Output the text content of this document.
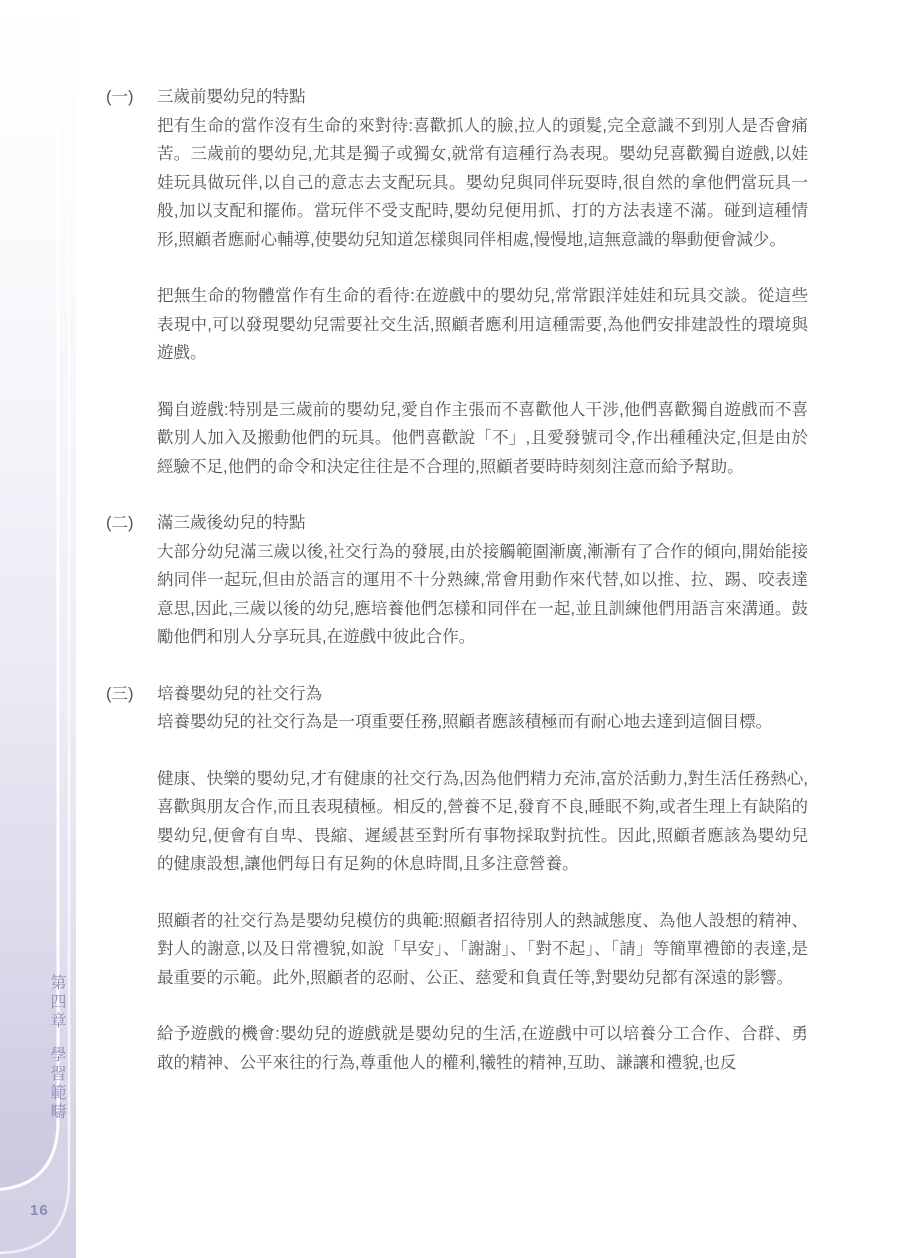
第四章
學習範疇
16
(一)	三歲前嬰幼兒的特點

把有生命的當作沒有生命的來對待:喜歡抓人的臉,拉人的頭髮,完全意識不到別人是否會痛苦。三歲前的嬰幼兒,尤其是獨子或獨女,就常有這種行為表現。嬰幼兒喜歡獨自遊戲,以娃娃玩具做玩伴,以自己的意志去支配玩具。嬰幼兒與同伴玩耍時,很自然的拿他們當玩具一般,加以支配和擺佈。當玩伴不受支配時,嬰幼兒便用抓、打的方法表達不滿。碰到這種情形,照顧者應耐心輔導,使嬰幼兒知道怎樣與同伴相處,慢慢地,這無意識的舉動便會減少。

把無生命的物體當作有生命的看待:在遊戲中的嬰幼兒,常常跟洋娃娃和玩具交談。從這些表現中,可以發現嬰幼兒需要社交生活,照顧者應利用這種需要,為他們安排建設性的環境與遊戲。

獨自遊戲:特別是三歲前的嬰幼兒,愛自作主張而不喜歡他人干涉,他們喜歡獨自遊戲而不喜歡別人加入及搬動他們的玩具。他們喜歡說「不」,且愛發號司令,作出種種決定,但是由於經驗不足,他們的命令和決定往往是不合理的,照顧者要時時刻刻注意而給予幫助。

(二)	滿三歲後幼兒的特點

大部分幼兒滿三歲以後,社交行為的發展,由於接觸範圍漸廣,漸漸有了合作的傾向,開始能接納同伴一起玩,但由於語言的運用不十分熟練,常會用動作來代替,如以推、拉、踢、咬表達意思,因此,三歲以後的幼兒,應培養他們怎樣和同伴在一起,並且訓練他們用語言來溝通。鼓勵他們和別人分享玩具,在遊戲中彼此合作。

(三)	培養嬰幼兒的社交行為

培養嬰幼兒的社交行為是一項重要任務,照顧者應該積極而有耐心地去達到這個目標。

健康、快樂的嬰幼兒,才有健康的社交行為,因為他們精力充沛,富於活動力,對生活任務熱心,喜歡與朋友合作,而且表現積極。相反的,營養不足,發育不良,睡眠不夠,或者生理上有缺陷的嬰幼兒,便會有自卑、畏縮、遲緩甚至對所有事物採取對抗性。因此,照顧者應該為嬰幼兒的健康設想,讓他們每日有足夠的休息時間,且多注意營養。

照顧者的社交行為是嬰幼兒模仿的典範:照顧者招待別人的熱誠態度、為他人設想的精神、對人的謝意,以及日常禮貌,如說「早安」、「謝謝」、「對不起」、「請」等簡單禮節的表達,是最重要的示範。此外,照顧者的忍耐、公正、慈愛和負責任等,對嬰幼兒都有深遠的影響。

給予遊戲的機會:嬰幼兒的遊戲就是嬰幼兒的生活,在遊戲中可以培養分工合作、合群、勇敢的精神、公平來往的行為,尊重他人的權利,犧牲的精神,互助、謙讓和禮貌,也反
